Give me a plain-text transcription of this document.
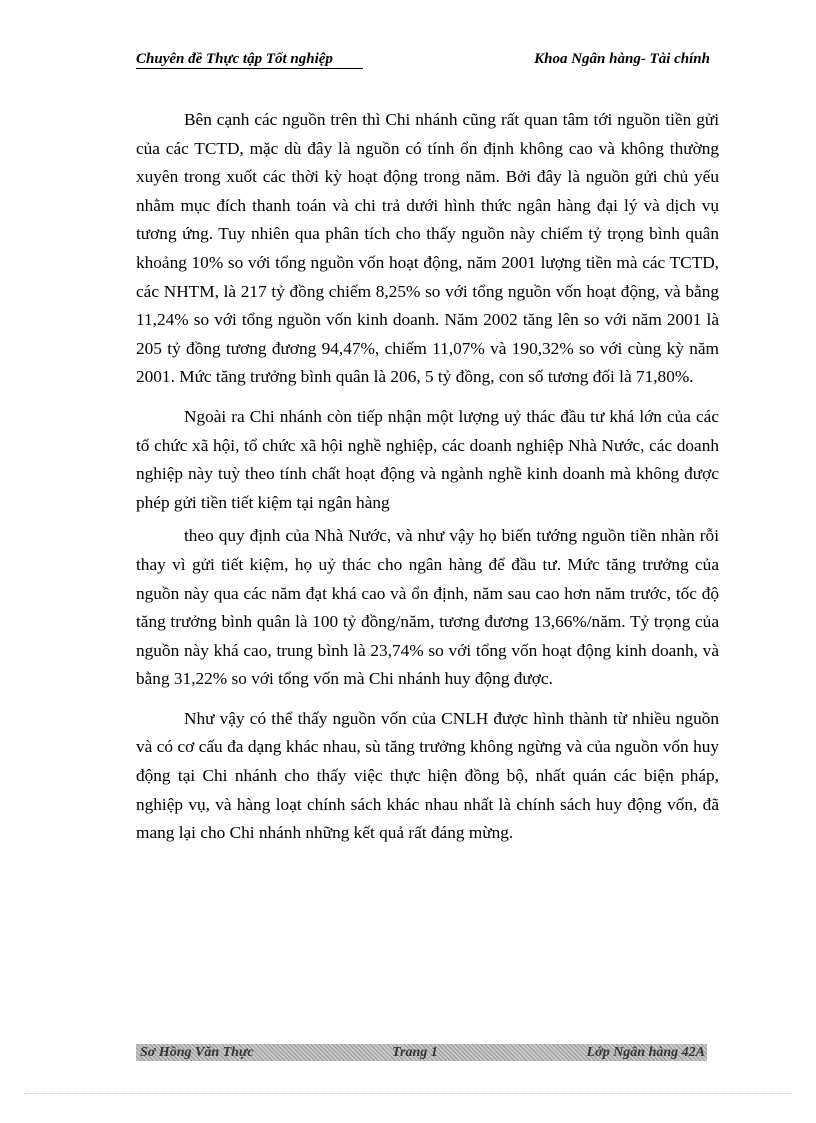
Chuyên đề Thực tập Tốt nghiệp	Khoa Ngân hàng- Tài chính

Bên cạnh các nguồn trên thì Chi nhánh cũng rất quan tâm tới nguồn tiền gửi của các TCTD, mặc dù đây là nguồn có tính ổn định không cao và không thường xuyên trong xuốt các thời kỳ hoạt động trong năm. Bởi đây là nguồn gửi chủ yếu nhằm mục đích thanh toán và chi trả dưới hình thức ngân hàng đại lý và dịch vụ tương ứng. Tuy nhiên qua phân tích cho thấy nguồn này chiếm tỷ trọng bình quân khoảng 10% so với tổng nguồn vốn hoạt động, năm 2001 lượng tiền mà các TCTD, các NHTM, là 217 tỷ đồng chiếm 8,25% so với tổng nguồn vốn hoạt động, và bằng 11,24% so với tổng nguồn vốn kinh doanh. Năm 2002 tăng lên so với năm 2001 là 205 tỷ đồng tương đương 94,47%, chiếm 11,07% và 190,32% so với cùng kỳ năm 2001. Mức tăng trưởng bình quân là 206, 5 tỷ đồng, con số tương đối là 71,80%.

Ngoài ra Chi nhánh còn tiếp nhận một lượng uỷ thác đầu tư khá lớn của các tổ chức xã hội, tổ chức xã hội nghề nghiệp, các doanh nghiệp Nhà Nước, các doanh nghiệp này tuỳ theo tính chất hoạt động và ngành nghề kinh doanh mà không được phép gửi tiền tiết kiệm tại ngân hàng

theo quy định của Nhà Nước, và như vậy họ biến tướng nguồn tiền nhàn rỗi thay vì gửi tiết kiệm, họ uỷ thác cho ngân hàng để đầu tư. Mức tăng trưởng của nguồn này qua các năm đạt khá cao và ổn định, năm sau cao hơn năm trước, tốc độ tăng trưởng bình quân là 100 tỷ đồng/năm, tương đương 13,66%/năm. Tỷ trọng của nguồn này khá cao, trung bình là 23,74% so với tổng vốn hoạt động kinh doanh, và bằng 31,22% so với tổng vốn mà Chi nhánh huy động được.

Như vậy có thể thấy nguồn vốn của CNLH được hình thành từ nhiều nguồn và có cơ cấu đa dạng khác nhau, sù tăng trưởng không ngừng và của nguồn vốn huy động tại Chi nhánh cho thấy việc thực hiện đồng bộ, nhất quán các biện pháp, nghiệp vụ, và hàng loạt chính sách khác nhau nhất là chính sách huy động vốn, đã mang lại cho Chi nhánh những kết quả rất đáng mừng.

Sơ Hồng Văn Thực	Trang 1	Lớp Ngân hàng 42A
